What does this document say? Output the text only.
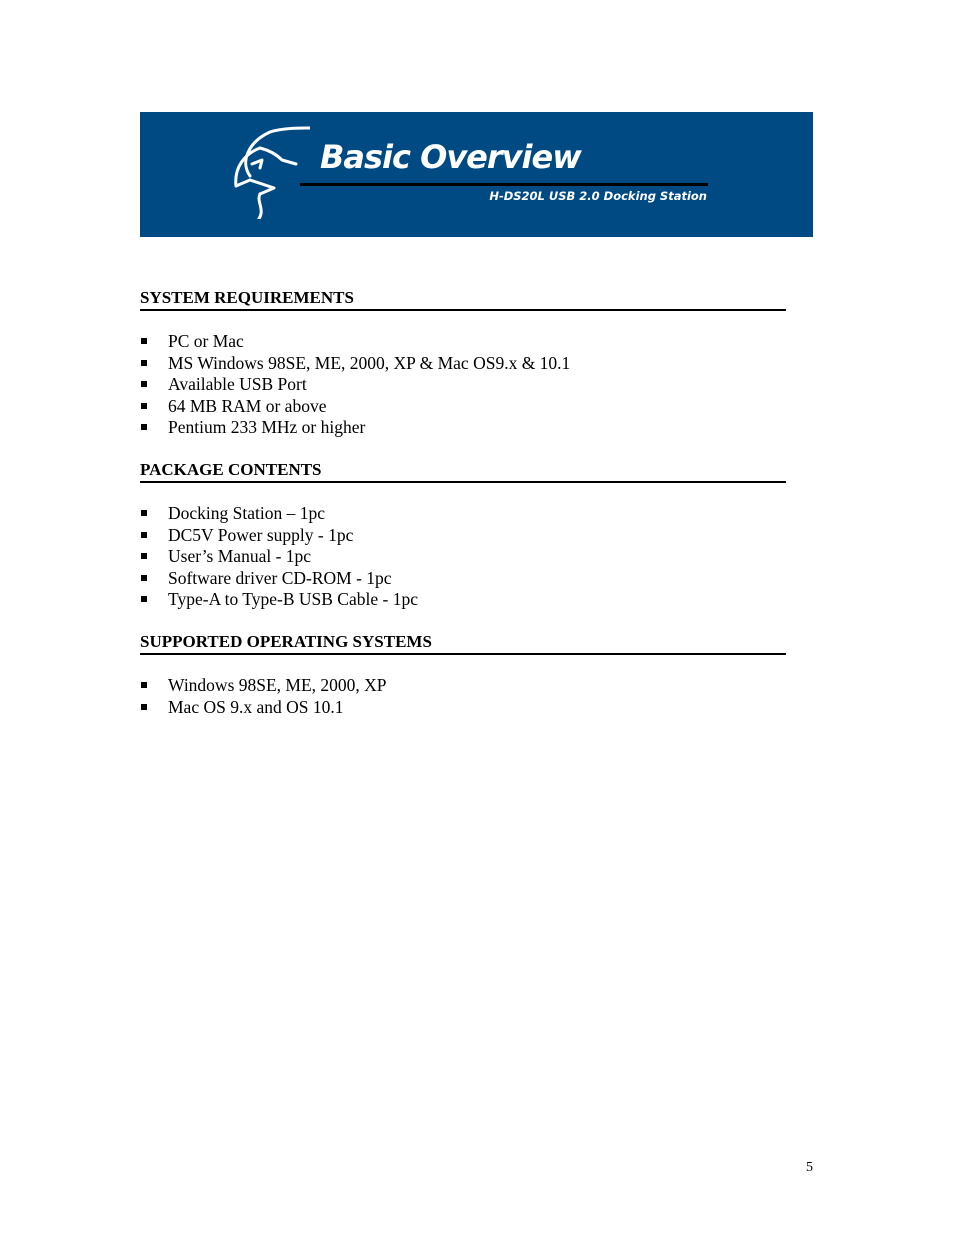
Basic Overview
H-DS20L USB 2.0 Docking Station
SYSTEM REQUIREMENTS
PC or Mac
MS Windows 98SE, ME, 2000, XP & Mac OS9.x & 10.1
Available USB Port
64 MB RAM or above
Pentium 233 MHz or higher
PACKAGE CONTENTS
Docking Station – 1pc
DC5V Power supply - 1pc
User’s Manual - 1pc
Software driver CD-ROM - 1pc
Type-A to Type-B USB Cable - 1pc
SUPPORTED OPERATING SYSTEMS
Windows 98SE, ME, 2000, XP
Mac OS 9.x and OS 10.1
5
